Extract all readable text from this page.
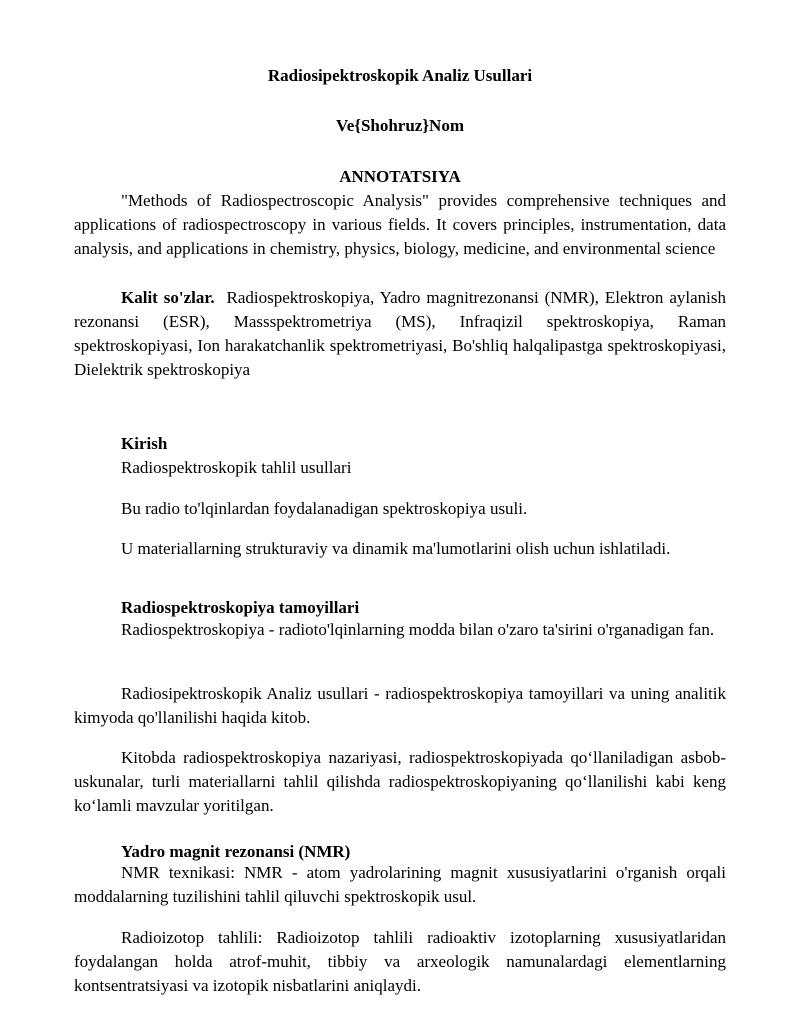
Radiosipektroskopik Analiz Usullari
Ve{Shohruz}Nom
ANNOTATSIYA

"Methods of Radiospectroscopic Analysis" provides comprehensive techniques and applications of radiospectroscopy in various fields. It covers principles, instrumentation, data analysis, and applications in chemistry, physics, biology, medicine, and environmental science

Kalit so'zlar. Radiospektroskopiya, Yadro magnitrezonansi (NMR), Elektron aylanish rezonansi (ESR), Massspektrometriya (MS), Infraqizil spektroskopiya, Raman spektroskopiyasi, Ion harakatchanlik spektrometriyasi, Bo'shliq halqalipastga spektroskopiyasi, Dielektrik spektroskopiya

Kirish

Radiospektroskopik tahlil usullari

Bu radio to'lqinlardan foydalanadigan spektroskopiya usuli.

U materiallarning strukturaviy va dinamik ma'lumotlarini olish uchun ishlatiladi.

Radiospektroskopiya tamoyillari

Radiospektroskopiya - radioto'lqinlarning modda bilan o'zaro ta'sirini o'rganadigan fan.

Radiosipektroskopik Analiz usullari - radiospektroskopiya tamoyillari va uning analitik kimyoda qo'llanilishi haqida kitob.

Kitobda radiospektroskopiya nazariyasi, radiospektroskopiyada qo‘llaniladigan asbob-uskunalar, turli materiallarni tahlil qilishda radiospektroskopiyaning qo‘llanilishi kabi keng ko‘lamli mavzular yoritilgan.

Yadro magnit rezonansi (NMR)

NMR texnikasi: NMR - atom yadrolarining magnit xususiyatlarini o'rganish orqali moddalarning tuzilishini tahlil qiluvchi spektroskopik usul.

Radioizotop tahlili: Radioizotop tahlili radioaktiv izotoplarning xususiyatlaridan foydalangan holda atrof-muhit, tibbiy va arxeologik namunalardagi elementlarning kontsentratsiyasi va izotopik nisbatlarini aniqlaydi.
